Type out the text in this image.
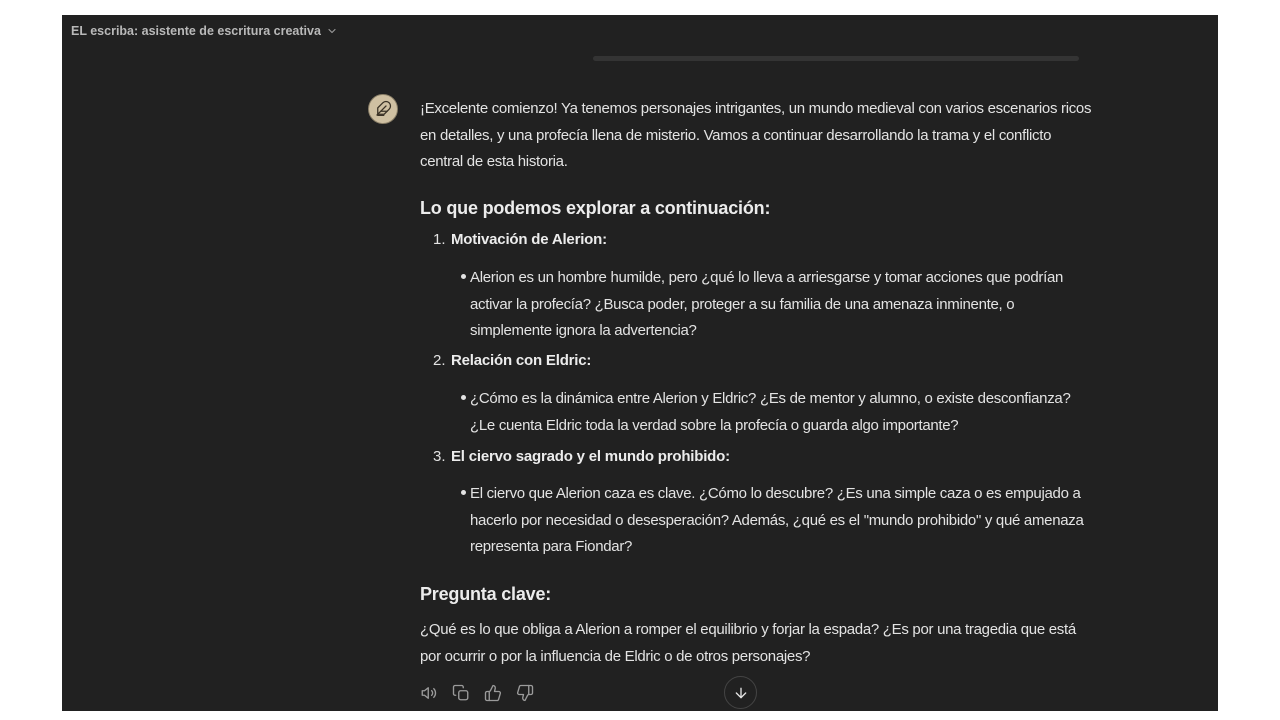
EL escriba: asistente de escritura creativa

¡Excelente comienzo! Ya tenemos personajes intrigantes, un mundo medieval con varios escenarios ricos en detalles, y una profecía llena de misterio. Vamos a continuar desarrollando la trama y el conflicto central de esta historia.

Lo que podemos explorar a continuación:
1. Motivación de Alerion:
Alerion es un hombre humilde, pero ¿qué lo lleva a arriesgarse y tomar acciones que podrían activar la profecía? ¿Busca poder, proteger a su familia de una amenaza inminente, o simplemente ignora la advertencia?
2. Relación con Eldric:
¿Cómo es la dinámica entre Alerion y Eldric? ¿Es de mentor y alumno, o existe desconfianza? ¿Le cuenta Eldric toda la verdad sobre la profecía o guarda algo importante?
3. El ciervo sagrado y el mundo prohibido:
El ciervo que Alerion caza es clave. ¿Cómo lo descubre? ¿Es una simple caza o es empujado a hacerlo por necesidad o desesperación? Además, ¿qué es el "mundo prohibido" y qué amenaza representa para Fiondar?
Pregunta clave:

¿Qué es lo que obliga a Alerion a romper el equilibrio y forjar la espada? ¿Es por una tragedia que está por ocurrir o por la influencia de Eldric o de otros personajes?
